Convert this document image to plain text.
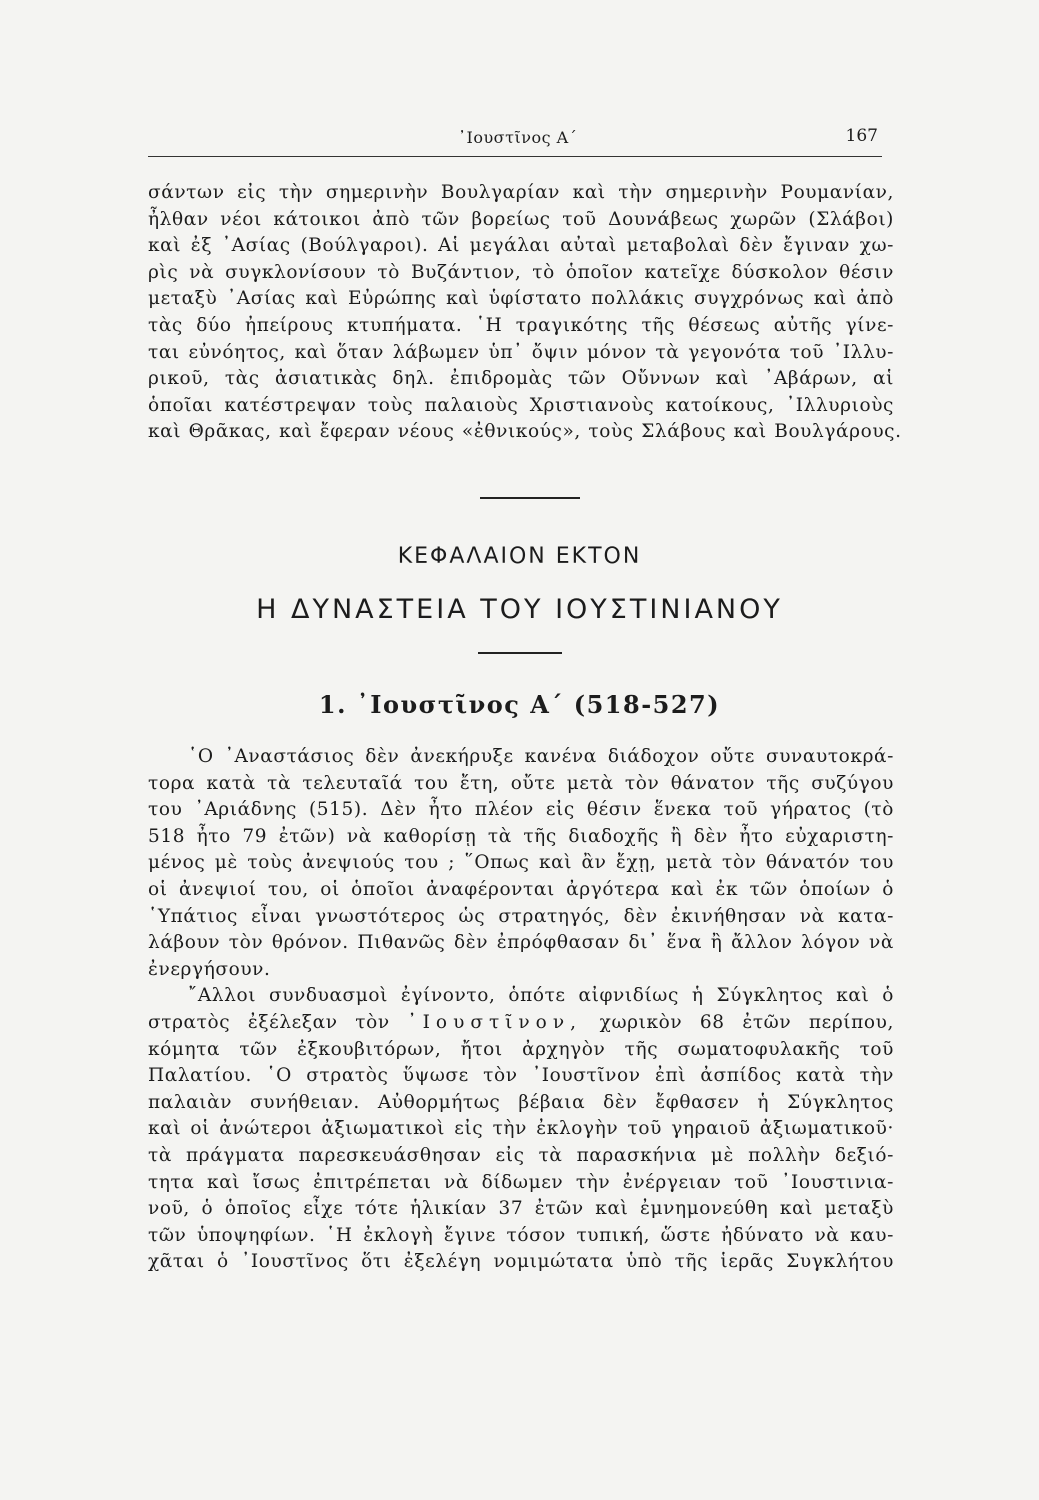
᾿Ιουστῖνος Α΄	167
σάντων εἰς τὴν σημερινὴν Βουλγαρίαν καὶ τὴν σημερινὴν Ρουμανίαν,
ἦλθαν νέοι κάτοικοι ἀπὸ τῶν βορείως τοῦ Δουνάβεως χωρῶν (Σλάβοι)
καὶ ἐξ ᾿Ασίας (Βούλγαροι). Αἱ μεγάλαι αὐταὶ μεταβολαὶ δὲν ἔγιναν χω-
ρὶς νὰ συγκλονίσουν τὸ Βυζάντιον, τὸ ὁποῖον κατεῖχε δύσκολον θέσιν
μεταξὺ ᾿Ασίας καὶ Εὐρώπης καὶ ὑφίστατο πολλάκις συγχρόνως καὶ ἀπὸ
τὰς δύο ἠπείρους κτυπήματα. ῾Η τραγικότης τῆς θέσεως αὐτῆς γίνε-
ται εὐνόητος, καὶ ὅταν λάβωμεν ὑπ᾿ ὄψιν μόνον τὰ γεγονότα τοῦ ᾿Ιλλυ-
ρικοῦ, τὰς ἀσιατικὰς δηλ. ἐπιδρομὰς τῶν Οὔννων καὶ ᾿Αβάρων, αἱ
ὁποῖαι κατέστρεψαν τοὺς παλαιοὺς Χριστιανοὺς κατοίκους, ᾿Ιλλυριοὺς
καὶ Θρᾶκας, καὶ ἔφεραν νέους «ἐθνικούς», τοὺς Σλάβους καὶ Βουλγάρους.
ΚΕΦΑΛΑΙΟΝ ΕΚΤΟΝ
Η ΔΥΝΑΣΤΕΙΑ ΤΟΥ ΙΟΥΣΤΙΝΙΑΝΟΥ
1. ᾿Ιουστῖνος Α΄ (518-527)
῾Ο ᾿Αναστάσιος δὲν ἀνεκήρυξε κανένα διάδοχον οὔτε συναυτοκρά-
τορα κατὰ τὰ τελευταῖά του ἔτη, οὔτε μετὰ τὸν θάνατον τῆς συζύγου
του ᾿Αριάδνης (515). Δὲν ἦτο πλέον εἰς θέσιν ἕνεκα τοῦ γήρατος (τὸ
518 ἦτο 79 ἐτῶν) νὰ καθορίσῃ τὰ τῆς διαδοχῆς ἢ δὲν ἦτο εὐχαριστη-
μένος μὲ τοὺς ἀνεψιούς του ; ῞Οπως καὶ ἂν ἔχῃ, μετὰ τὸν θάνατόν του
οἱ ἀνεψιοί του, οἱ ὁποῖοι ἀναφέρονται ἀργότερα καὶ ἐκ τῶν ὁποίων ὁ
῾Υπάτιος εἶναι γνωστότερος ὡς στρατηγός, δὲν ἐκινήθησαν νὰ κατα-
λάβουν τὸν θρόνον. Πιθανῶς δὲν ἐπρόφθασαν δι᾿ ἕνα ἢ ἄλλον λόγον νὰ
ἐνεργήσουν.
῎Αλλοι συνδυασμοὶ ἐγίνοντο, ὁπότε αἰφνιδίως ἡ Σύγκλητος καὶ ὁ
στρατὸς ἐξέλεξαν τὸν ᾿Ιουστῖνον, χωρικὸν 68 ἐτῶν περίπου,
κόμητα τῶν ἐξκουβιτόρων, ἤτοι ἀρχηγὸν τῆς σωματοφυλακῆς τοῦ
Παλατίου. ῾Ο στρατὸς ὕψωσε τὸν ᾿Ιουστῖνον ἐπὶ ἀσπίδος κατὰ τὴν
παλαιὰν συνήθειαν. Αὐθορμήτως βέβαια δὲν ἔφθασεν ἡ Σύγκλητος
καὶ οἱ ἀνώτεροι ἀξιωματικοὶ εἰς τὴν ἐκλογὴν τοῦ γηραιοῦ ἀξιωματικοῦ·
τὰ πράγματα παρεσκευάσθησαν εἰς τὰ παρασκήνια μὲ πολλὴν δεξιό-
τητα καὶ ἴσως ἐπιτρέπεται νὰ δίδωμεν τὴν ἐνέργειαν τοῦ ᾿Ιουστινια-
νοῦ, ὁ ὁποῖος εἶχε τότε ἡλικίαν 37 ἐτῶν καὶ ἐμνημονεύθη καὶ μεταξὺ
τῶν ὑποψηφίων. ῾Η ἐκλογὴ ἔγινε τόσον τυπική, ὥστε ἠδύνατο νὰ καυ-
χᾶται ὁ ᾿Ιουστῖνος ὅτι ἐξελέγη νομιμώτατα ὑπὸ τῆς ἱερᾶς Συγκλήτου
